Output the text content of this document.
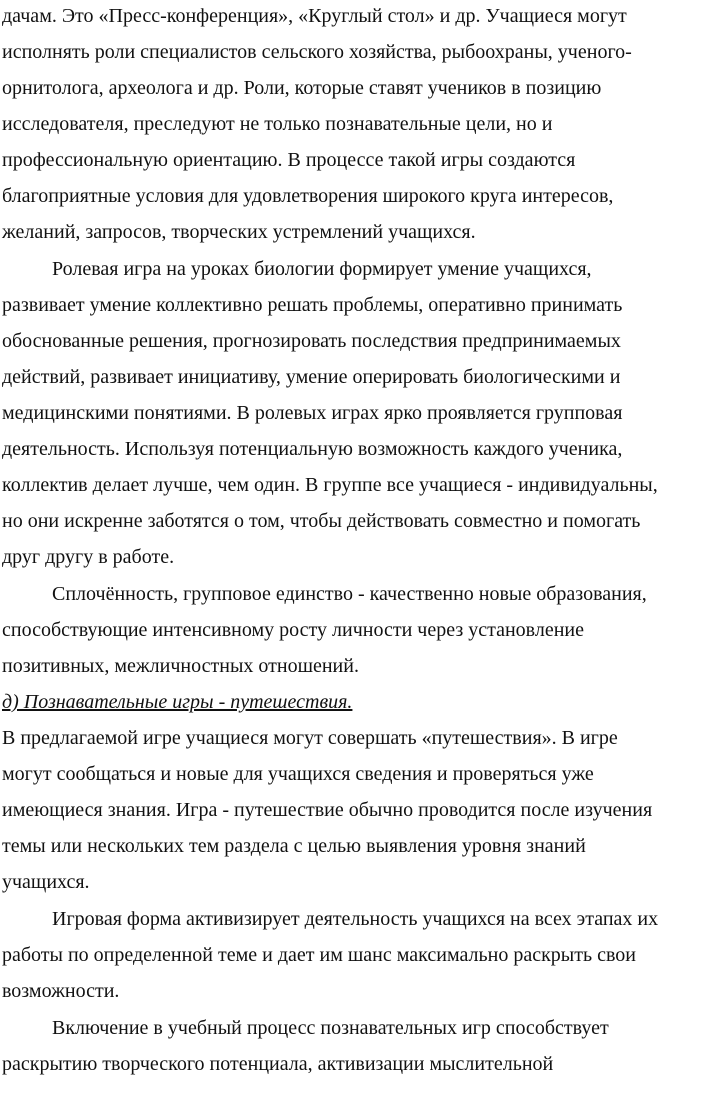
дачам. Это «Пресс-конференция», «Круглый стол» и др. Учащиеся могут
исполнять роли специалистов сельского хозяйства, рыбоохраны, ученого-
орнитолога, археолога и др. Роли, которые ставят учеников в позицию
исследователя, преследуют не только познавательные цели, но и
профессиональную ориентацию. В процессе такой игры создаются
благоприятные условия для удовлетворения широкого круга интересов,
желаний, запросов, творческих устремлений учащихся.
Ролевая игра на уроках биологии формирует умение учащихся,
развивает умение коллективно решать проблемы, оперативно принимать
обоснованные решения, прогнозировать последствия предпринимаемых
действий, развивает инициативу, умение оперировать биологическими и
медицинскими понятиями. В ролевых играх ярко проявляется групповая
деятельность. Используя потенциальную возможность каждого ученика,
коллектив делает лучше, чем один. В группе все учащиеся - индивидуальны,
но они искренне заботятся о том, чтобы действовать совместно и помогать
друг другу в работе.
Сплочённость, групповое единство - качественно новые образования,
способствующие интенсивному росту личности через установление
позитивных, межличностных отношений.
д) Познавательные игры - путешествия.
В предлагаемой игре учащиеся могут совершать «путешествия». В игре
могут сообщаться и новые для учащихся сведения и проверяться уже
имеющиеся знания. Игра - путешествие обычно проводится после изучения
темы или нескольких тем раздела с целью выявления уровня знаний
учащихся.
Игровая форма активизирует деятельность учащихся на всех этапах их
работы по определенной теме и дает им шанс максимально раскрыть свои
возможности.
Включение в учебный процесс познавательных игр способствует
раскрытию творческого потенциала, активизации мыслительной
